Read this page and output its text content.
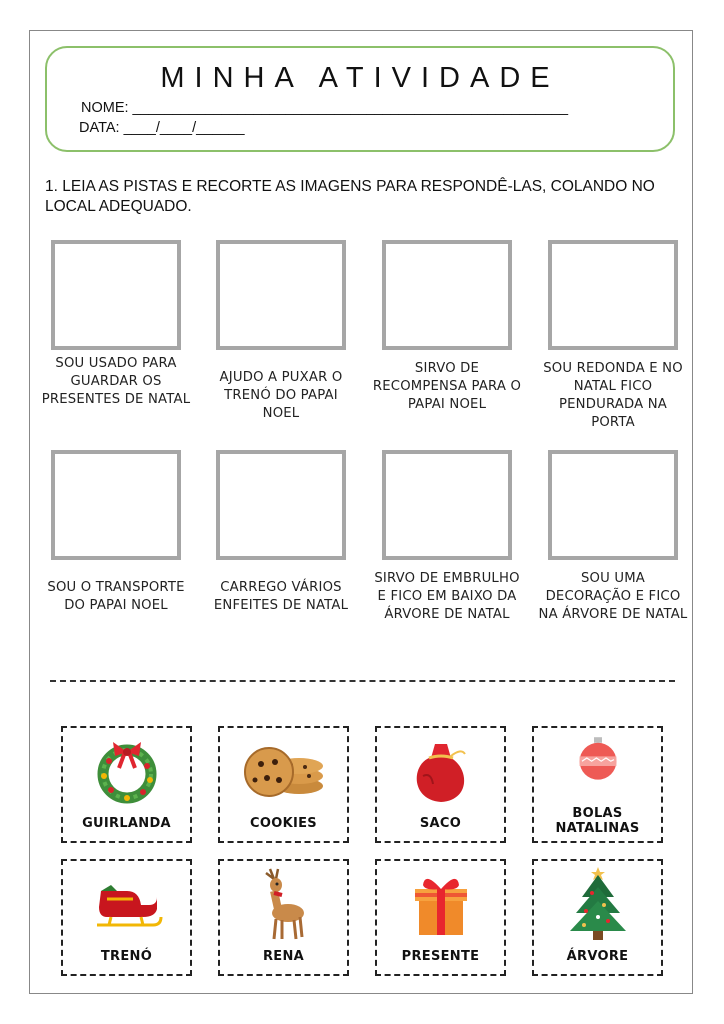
MINHA ATIVIDADE
NOME: ______________________________________________________
DATA: ____/____/______
1. LEIA AS PISTAS E RECORTE AS IMAGENS PARA RESPONDÊ-LAS, COLANDO NO LOCAL ADEQUADO.
SOU USADO PARA GUARDAR OS PRESENTES DE NATAL
AJUDO A PUXAR O TRENÓ DO PAPAI NOEL
SIRVO DE RECOMPENSA PARA O PAPAI NOEL
SOU REDONDA E NO NATAL FICO PENDURADA NA PORTA
SOU O TRANSPORTE DO PAPAI NOEL
CARREGO VÁRIOS ENFEITES DE NATAL
SIRVO DE EMBRULHO E FICO EM BAIXO DA ÁRVORE DE NATAL
SOU UMA DECORAÇÃO E FICO NA ÁRVORE DE NATAL
GUIRLANDA	COOKIES	SACO
BOLAS NATALINAS
TRENÓ	RENA	PRESENTE	ÁRVORE
